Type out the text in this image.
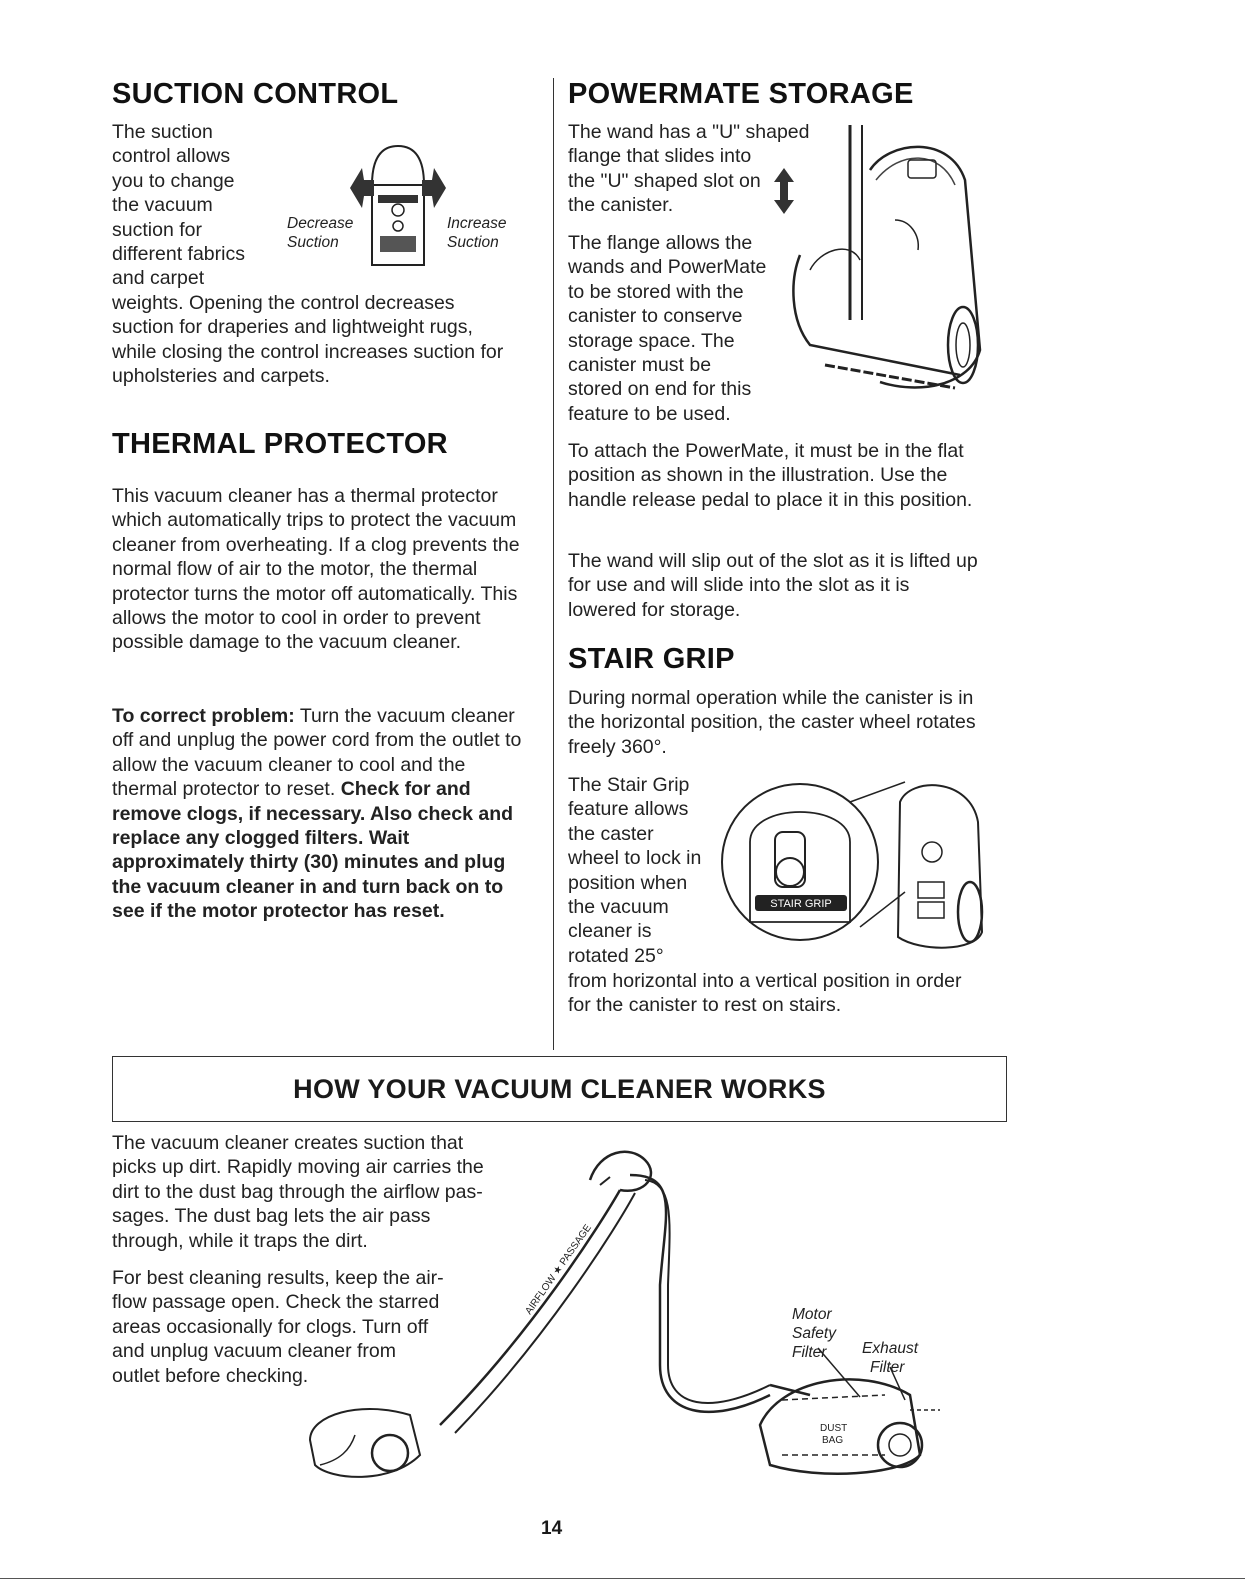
SUCTION CONTROL
The suction
control allows
you to change
the vacuum
suction for
different fabrics
and carpet
Decrease
Suction
Increase
Suction

weights. Opening the control decreases suction for draperies and lightweight rugs, while closing the control increases suction for upholsteries and carpets.

THERMAL PROTECTOR

This vacuum cleaner has a thermal protector which automatically trips to protect the vacuum cleaner from overheating. If a clog prevents the normal flow of air to the motor, the thermal protector turns the motor off automatically. This allows the motor to cool in order to prevent possible damage to the vacuum cleaner.

To correct problem: Turn the vacuum cleaner off and unplug the power cord from the outlet to allow the vacuum cleaner to cool and the thermal protector to reset. Check for and remove clogs, if necessary. Also check and replace any clogged filters. Wait approximately thirty (30) minutes and plug the vacuum cleaner in and turn back on to see if the motor protector has reset.

POWERMATE STORAGE
The wand has a "U" shaped
flange that slides into
the "U" shaped slot on
the canister.
The flange allows the
wands and PowerMate
to be stored with the
canister to conserve
storage space. The
canister must be
stored on end for this
feature to be used.

To attach the PowerMate, it must be in the flat position as shown in the illustration. Use the handle release pedal to place it in this position.

The wand will slip out of the slot as it is lifted up for use and will slide into the slot as it is lowered for storage.

STAIR GRIP

During normal operation while the canister is in the horizontal position, the caster wheel rotates freely 360°.

The Stair Grip
feature allows
the caster
wheel to lock in
position when
the vacuum
cleaner is
rotated 25°
STAIR GRIP

from horizontal into a vertical position in order for the canister to rest on stairs.

HOW YOUR VACUUM CLEANER WORKS
The vacuum cleaner creates suction that
picks up dirt. Rapidly moving air carries the
dirt to the dust bag through the airflow pas-
sages. The dust bag lets the air pass
through, while it traps the dirt.
For best cleaning results, keep the air-
flow passage open. Check the starred
areas occasionally for clogs. Turn off
and unplug vacuum cleaner from
outlet before checking.
AIRFLOW ★ PASSAGE
DUST
BAG
Motor
Safety
Filter	Exhaust
Filter
14
